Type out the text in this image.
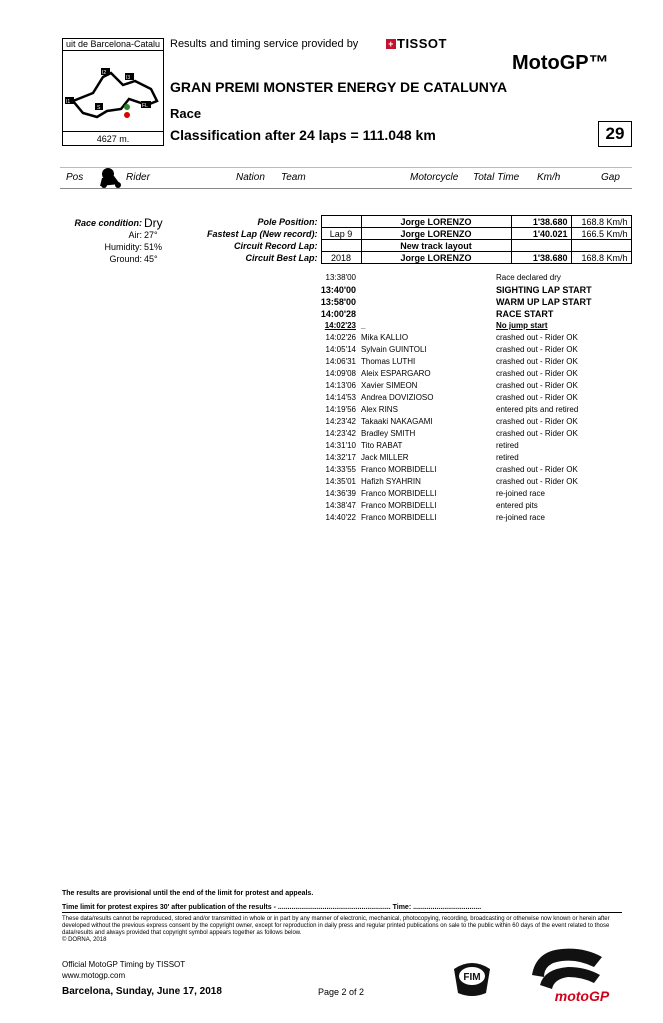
I1
I2
I3
S	FL
uit de Barcelona-Catalu
4627 m.
Results and timing service provided by	+ TISSOT
MotoGP™
GRAN PREMI MONSTER ENERGY DE CATALUNYA
Race
Classification after 24 laps = 111.048 km	29
Pos	Rider	Nation Team	Motorcycle Total Time Km/h	Gap
Race condition: Dry
Air: 27°
Humidity: 51%
Ground: 45°
Pole Position:		Jorge LORENZO	1'38.680	168.8 Km/h
Fastest Lap (New record):	Lap 9	Jorge LORENZO	1'40.021	166.5 Km/h
Circuit Record Lap:		New track layout		
Circuit Best Lap:	2018	Jorge LORENZO	1'38.680	168.8 Km/h
13:38'00	Race declared dry
13:40'00	SIGHTING LAP START
13:58'00	WARM UP LAP START
14:00'28	RACE START
14:02'23 _	No jump start
14:02'26 Mika KALLIO	crashed out - Rider OK
14:05'14 Sylvain GUINTOLI	crashed out - Rider OK
14:06'31 Thomas LUTHI	crashed out - Rider OK
14:09'08 Aleix ESPARGARO	crashed out - Rider OK
14:13'06 Xavier SIMEON	crashed out - Rider OK
14:14'53 Andrea DOVIZIOSO	crashed out - Rider OK
14:19'56 Alex RINS	entered pits and retired
14:23'42 Takaaki NAKAGAMI	crashed out - Rider OK
14:23'42 Bradley SMITH	crashed out - Rider OK
14:31'10 Tito RABAT	retired
14:32'17 Jack MILLER	retired
14:33'55 Franco MORBIDELLI	crashed out - Rider OK
14:35'01 Hafizh SYAHRIN	crashed out - Rider OK
14:36'39 Franco MORBIDELLI	re-joined race
14:38'47 Franco MORBIDELLI	entered pits
14:40'22 Franco MORBIDELLI	re-joined race
The results are provisional until the end of the limit for protest and appeals.
Time limit for protest expires 30' after publication of the results - .......................................................... Time: ...................................
These data/results cannot be reproduced, stored and/or transmitted in whole or in part by any manner of electronic, mechanical, photocopying, recording, broadcasting or otherwise now known or herein after developed without the previous express consent by the copyright owner, except for reproduction in daily press and regular printed publications on sale to the public within 60 days of the event related to those data/results and always provided that copyright symbol appears together as follows below.
© DORNA, 2018
Official MotoGP Timing by TISSOT
www.motogp.com
Barcelona, Sunday, June 17, 2018	Page 2 of 2
FIM
motoGP
